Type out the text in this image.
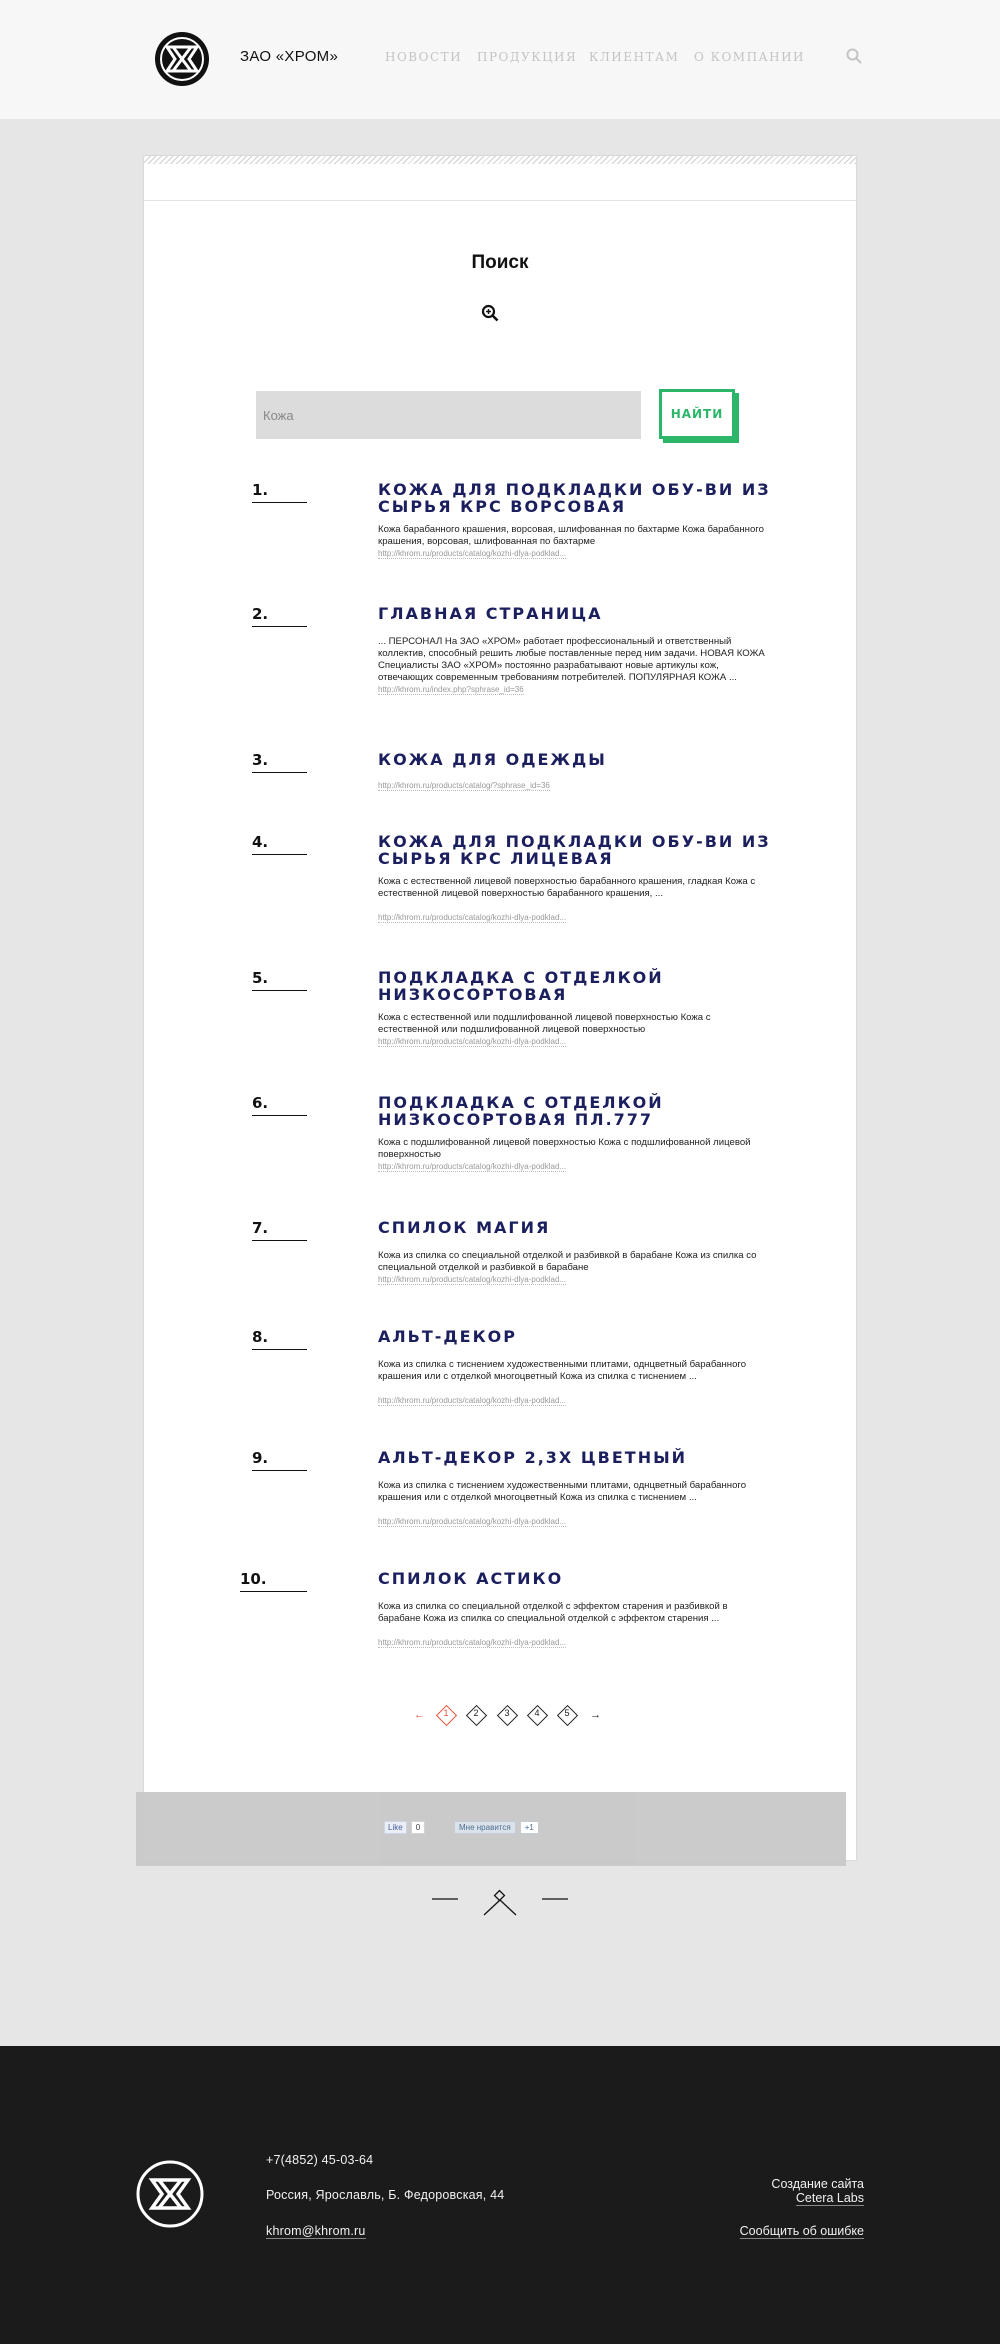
ЗАО «ХРОМ»	НОВОСТИ ПРОДУКЦИЯ КЛИЕНТАМ О КОМПАНИИ
Поиск
Кожа
НАЙТИ
1.	КОЖА ДЛЯ ПОДКЛАДКИ ОБУ-ВИ ИЗ СЫРЬЯ КРС ВОРСОВАЯ
Кожа барабанного крашения, ворсовая, шлифованная по бахтарме Кожа барабанного крашения, ворсовая, шлифованная по бахтарме
http://khrom.ru/products/catalog/kozhi-dlya-podklad...
2.	ГЛАВНАЯ СТРАНИЦА
... ПЕРСОНАЛ На ЗАО «ХРОМ» работает профессиональный и ответственный коллектив, способный решить любые поставленные перед ним задачи. НОВАЯ КОЖА Специалисты ЗАО «ХРОМ» постоянно разрабатывают новые артикулы кож, отвечающих современным требованиям потребителей. ПОПУЛЯРНАЯ КОЖА ...
http://khrom.ru/index.php?sphrase_id=36
3.	КОЖА ДЛЯ ОДЕЖДЫ
http://khrom.ru/products/catalog/?sphrase_id=36
4.	КОЖА ДЛЯ ПОДКЛАДКИ ОБУ-ВИ ИЗ СЫРЬЯ КРС ЛИЦЕВАЯ
Кожа с естественной лицевой поверхностью барабанного крашения, гладкая Кожа с естественной лицевой поверхностью барабанного крашения, ...
http://khrom.ru/products/catalog/kozhi-dlya-podklad...
5.	ПОДКЛАДКА С ОТДЕЛКОЙ НИЗКОСОРТОВАЯ
Кожа с естественной или подшлифованной лицевой поверхностью Кожа с естественной или подшлифованной лицевой поверхностью
http://khrom.ru/products/catalog/kozhi-dlya-podklad...
6.	ПОДКЛАДКА С ОТДЕЛКОЙ НИЗКОСОРТОВАЯ ПЛ.777
Кожа с подшлифованной лицевой поверхностью Кожа с подшлифованной лицевой поверхностью
http://khrom.ru/products/catalog/kozhi-dlya-podklad...
7.	СПИЛОК МАГИЯ
Кожа из спилка со специальной отделкой и разбивкой в барабане Кожа из спилка со специальной отделкой и разбивкой в барабане
http://khrom.ru/products/catalog/kozhi-dlya-podklad...
8.	АЛЬТ-ДЕКОР
Кожа из спилка с тиснением художественными плитами, однцветный барабанного крашения или с отделкой многоцветный Кожа из спилка с тиснением ...
http://khrom.ru/products/catalog/kozhi-dlya-podklad...
9.	АЛЬТ-ДЕКОР 2,3Х ЦВЕТНЫЙ
Кожа из спилка с тиснением художественными плитами, однцветный барабанного крашения или с отделкой многоцветный Кожа из спилка с тиснением ...
http://khrom.ru/products/catalog/kozhi-dlya-podklad...
10.	СПИЛОК АСТИКО
Кожа из спилка со специальной отделкой с эффектом старения и разбивкой в барабане Кожа из спилка со специальной отделкой с эффектом старения ...
http://khrom.ru/products/catalog/kozhi-dlya-podklad...
←	1	2	3	4	5	→
Like 0	Мне нравится +1
+7(4852) 45-03-64
Россия, Ярославль, Б. Федоровская, 44
khrom@khrom.ru
Создание сайта
Cetera Labs
Сообщить об ошибке
